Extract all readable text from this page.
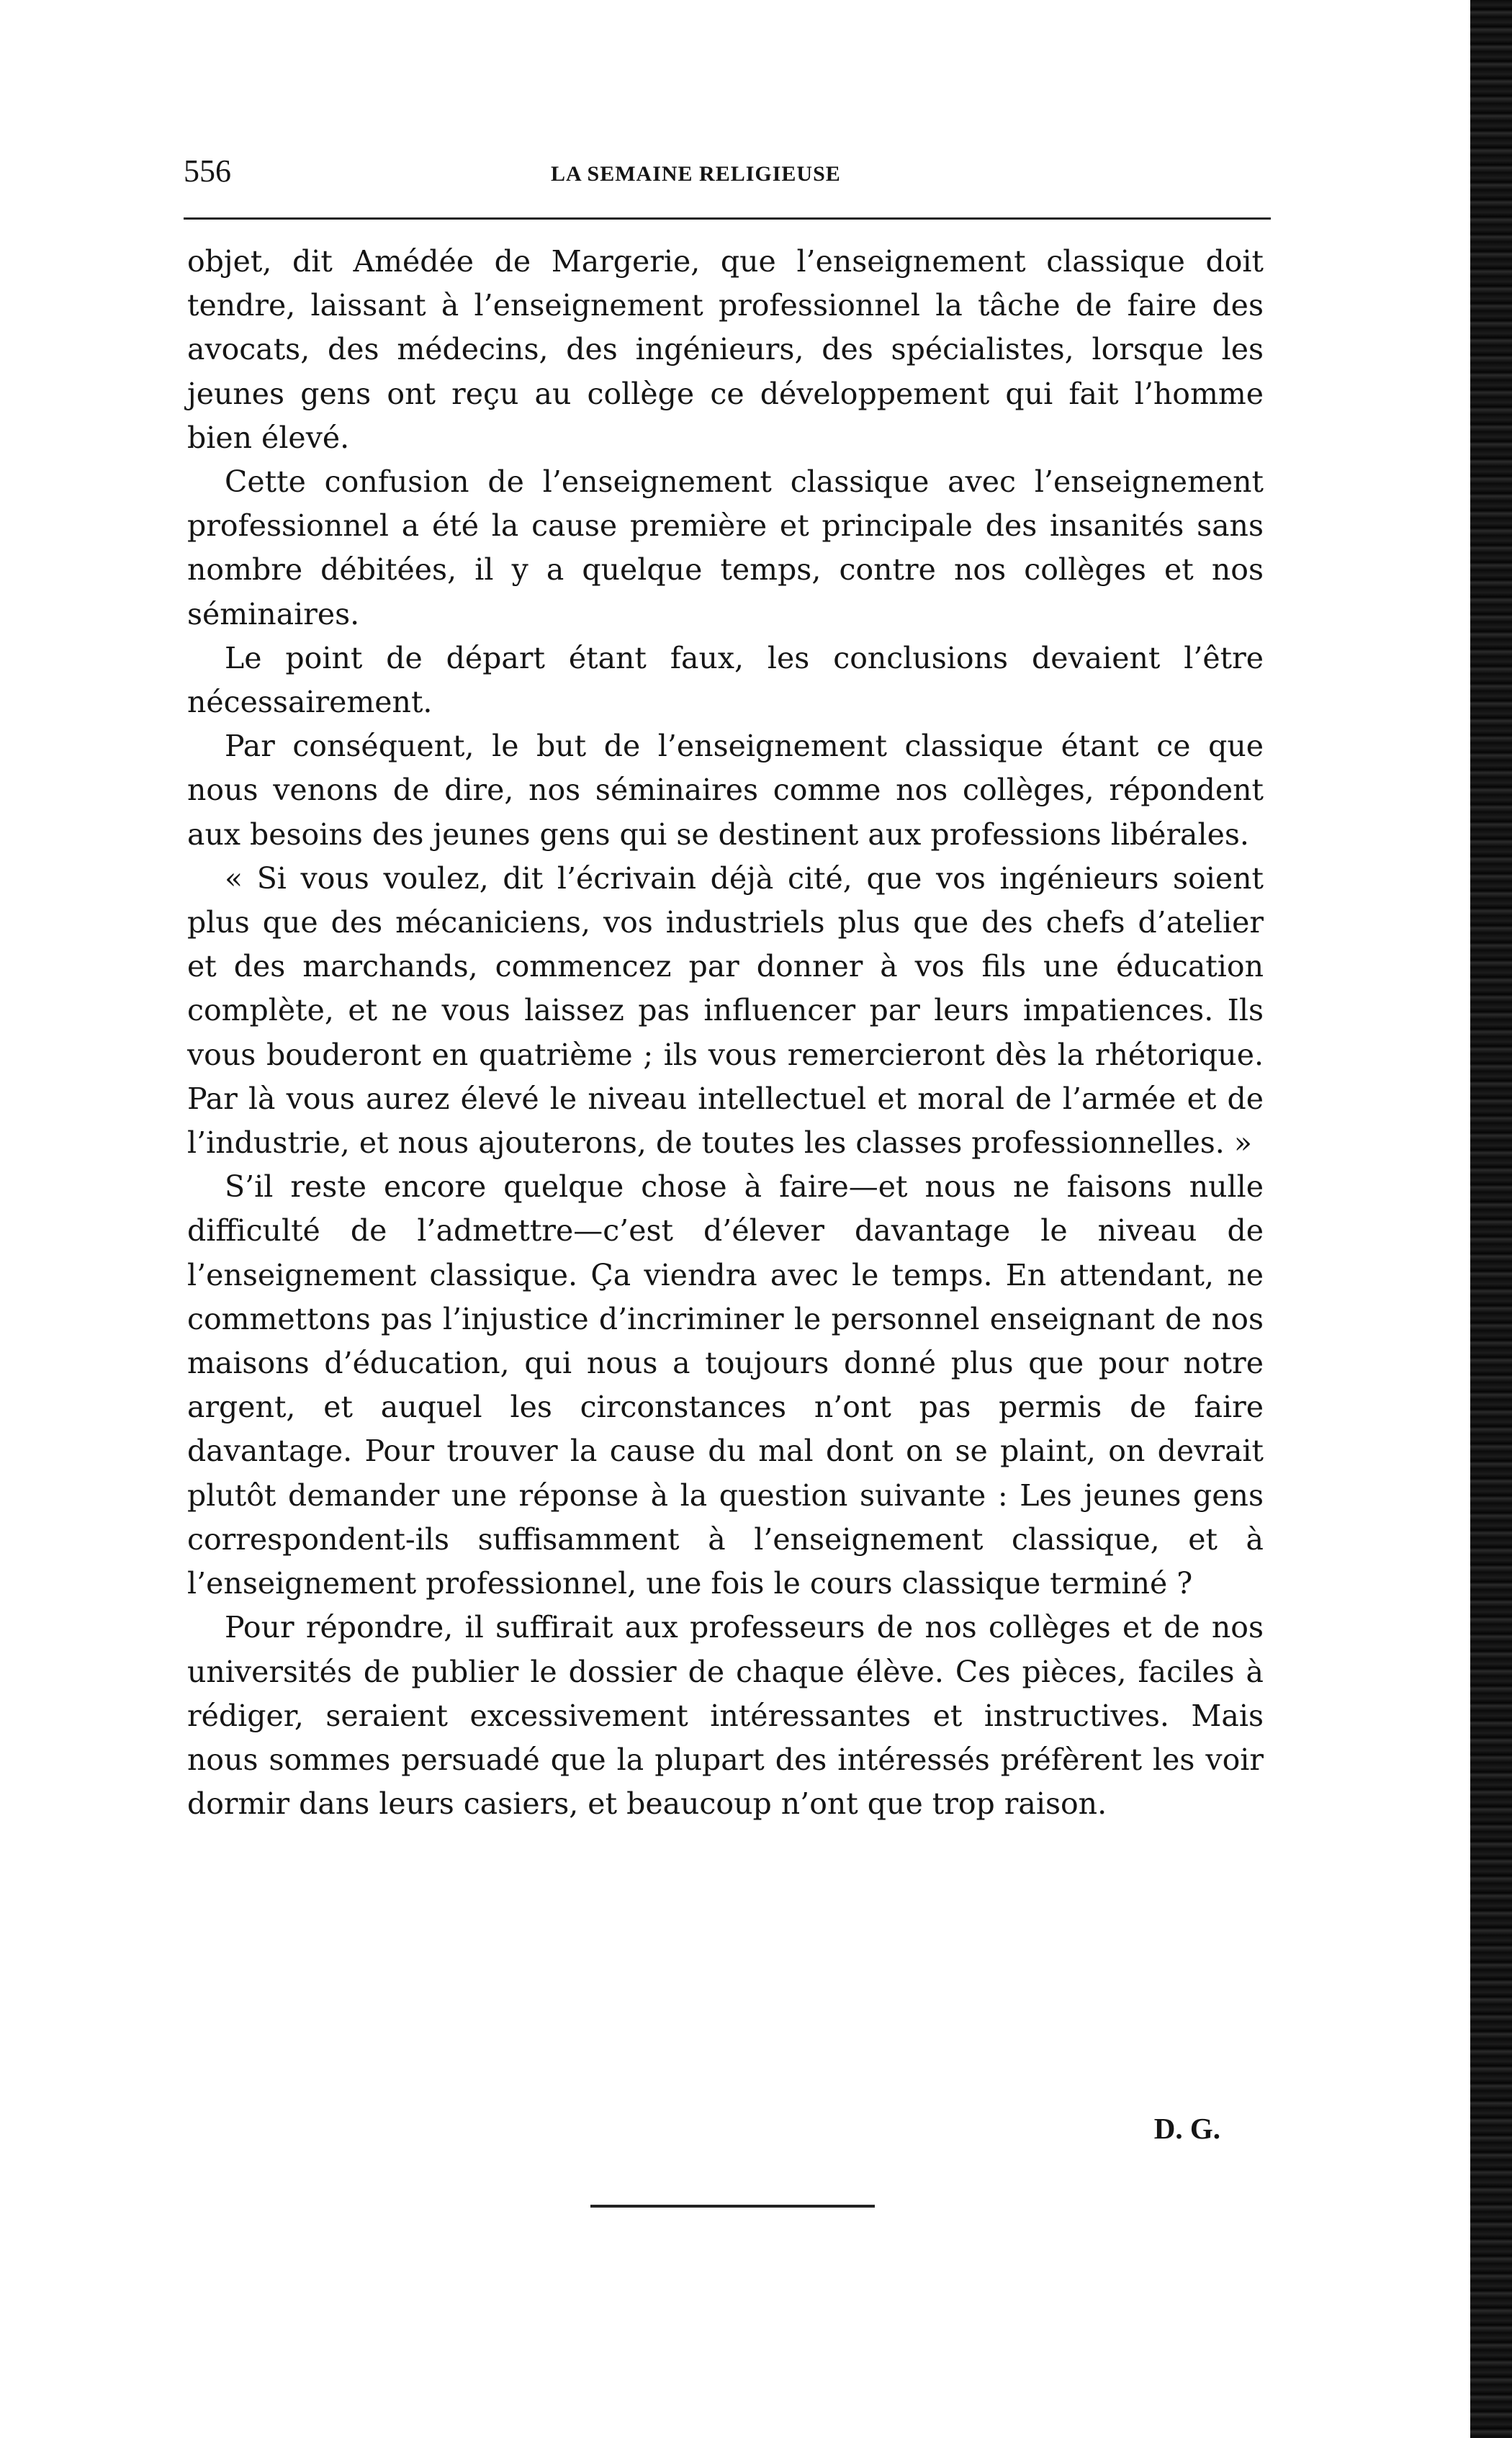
556	LA SEMAINE RELIGIEUSE

objet, dit Amédée de Margerie, que l’enseignement classique doit tendre, laissant à l’enseignement professionnel la tâche de faire des avocats, des médecins, des ingénieurs, des spécialistes, lorsque les jeunes gens ont reçu au collège ce développement qui fait l’homme bien élevé.

Cette confusion de l’enseignement classique avec l’enseignement professionnel a été la cause première et principale des insanités sans nombre débitées, il y a quelque temps, contre nos collèges et nos séminaires.

Le point de départ étant faux, les conclusions devaient l’être nécessairement.

Par conséquent, le but de l’enseignement classique étant ce que nous venons de dire, nos séminaires comme nos collèges, répondent aux besoins des jeunes gens qui se destinent aux professions libérales.

« Si vous voulez, dit l’écrivain déjà cité, que vos ingénieurs soient plus que des mécaniciens, vos industriels plus que des chefs d’atelier et des marchands, commencez par donner à vos fils une éducation complète, et ne vous laissez pas influencer par leurs impatiences. Ils vous bouderont en quatrième ; ils vous remercieront dès la rhétorique. Par là vous aurez élevé le niveau intellectuel et moral de l’armée et de l’industrie, et nous ajouterons, de toutes les classes professionnelles. »

S’il reste encore quelque chose à faire—et nous ne faisons nulle difficulté de l’admettre—c’est d’élever davantage le niveau de l’enseignement classique. Ça viendra avec le temps. En attendant, ne commettons pas l’injustice d’incriminer le personnel enseignant de nos maisons d’éducation, qui nous a toujours donné plus que pour notre argent, et auquel les circonstances n’ont pas permis de faire davantage. Pour trouver la cause du mal dont on se plaint, on devrait plutôt demander une réponse à la question suivante : Les jeunes gens correspondent-ils suffisamment à l’enseignement classique, et à l’enseignement professionnel, une fois le cours classique terminé ?

Pour répondre, il suffirait aux professeurs de nos collèges et de nos universités de publier le dossier de chaque élève. Ces pièces, faciles à rédiger, seraient excessivement intéressantes et instructives. Mais nous sommes persuadé que la plupart des intéressés préfèrent les voir dormir dans leurs casiers, et beaucoup n’ont que trop raison.

D. G.
